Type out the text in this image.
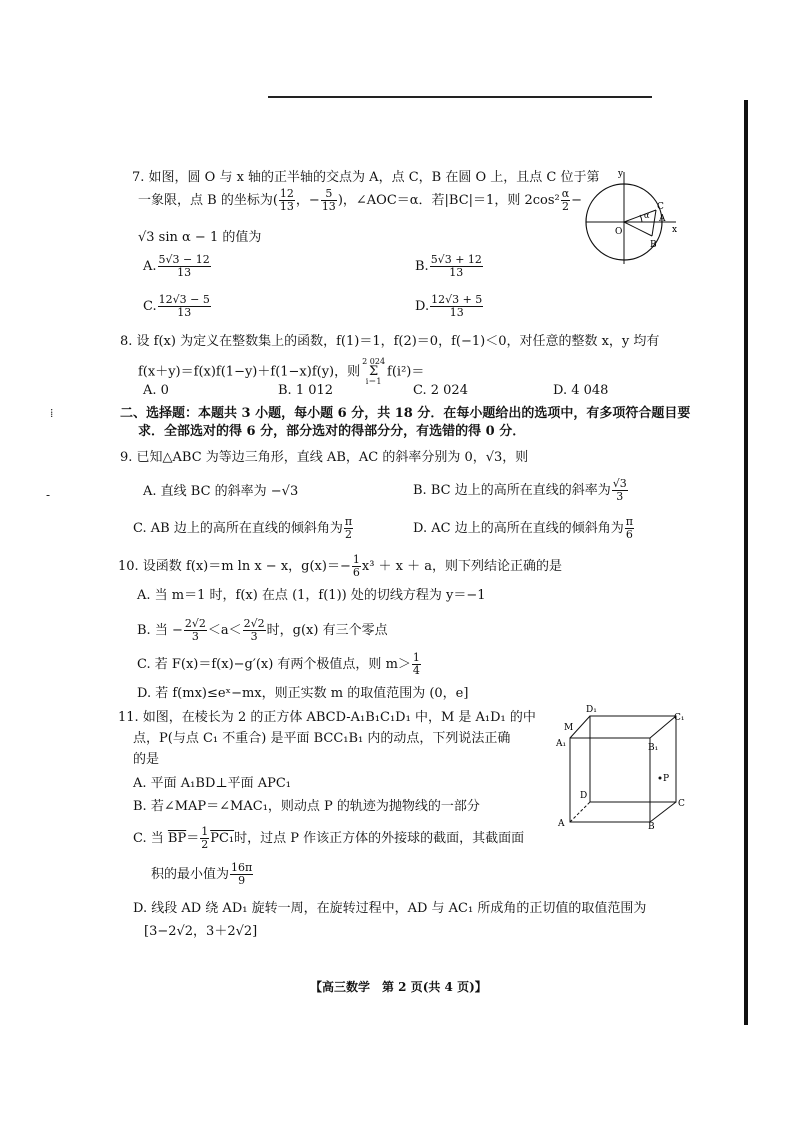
7. 如图，圆 O 与 x 轴的正半轴的交点为 A，点 C，B 在圆 O 上，且点 C 位于第
一象限，点 B 的坐标为( $\frac{12}{13}$ ，− $\frac{5}{13}$ )，∠AOC＝α．若|BC|＝1，则 $2\cos^2 \frac{\alpha}{2}$ −
√3 sin α − 1 的值为
A. $\frac{5√3 - 12}{13}$	B. $\frac{5√3 + 12}{13}$
C. $\frac{12√3 - 5}{13}$	D. $\frac{12√3 + 5}{13}$
y
x
O
A
B
C
α
8. 设 f(x) 为定义在整数集上的函数，f(1)＝1，f(2)＝0，f(−1)＜0，对任意的整数 x，y 均有
f(x＋y)＝f(x)f(1−y)＋f(1−x)f(y)，则
2 024
Σ
i＝1
f(i²)＝
A. 0	B. 1 012	C. 2 024	D. 4 048
二、选择题：本题共 3 小题，每小题 6 分，共 18 分．在每小题给出的选项中，有多项符合题目要
求．全部选对的得 6 分，部分选对的得部分分，有选错的得 0 分．
9. 已知△ABC 为等边三角形，直线 AB，AC 的斜率分别为 0，√3，则
A. 直线 BC 的斜率为 −√3	B. BC 边上的高所在直线的斜率为 $\frac{√3}{3}$
C. AB 边上的高所在直线的倾斜角为 $\frac{\pi}{2}$	D. AC 边上的高所在直线的倾斜角为 $\frac{\pi}{6}$
10. 设函数 f(x)＝m ln x − x，$g(x)=- \frac{1}{6} x^3 + x + a$，则下列结论正确的是
A. 当 m＝1 时，f(x) 在点 (1，f(1)) 处的切线方程为 y＝−1
B. 当 − $\frac{2√2}{3} <a< \frac{2√2}{3}$ 时，g(x) 有三个零点
C. 若 F(x)＝f(x)−g′(x) 有两个极值点，则 $m> \frac{1}{4}$
D. 若 f(mx)≤eˣ−mx，则正实数 m 的取值范围为 (0，e]
11. 如图，在棱长为 2 的正方体 ABCD-A₁B₁C₁D₁ 中，M 是 A₁D₁ 的中
点，P(与点 C₁ 不重合) 是平面 BCC₁B₁ 内的动点，下列说法正确
的是
A. 平面 A₁BD⊥平面 APC₁
B. 若∠MAP＝∠MAC₁，则动点 P 的轨迹为抛物线的一部分
C. 当 $\overline{BP}= \frac{1}{2} PC_1$时，过点 P 作该正方体的外接球的截面，其截面面
积的最小值为 $\frac{16\pi}{9}$
D. 线段 AD 绕 AD₁ 旋转一周，在旋转过程中，AD 与 AC₁ 所成角的正切值的取值范围为
[3−2√2，3＋2√2]
D₁
C₁
A₁	B₁
M
P
D
C
A	B
⁞
-
【高三数学　第 2 页(共 4 页)】
